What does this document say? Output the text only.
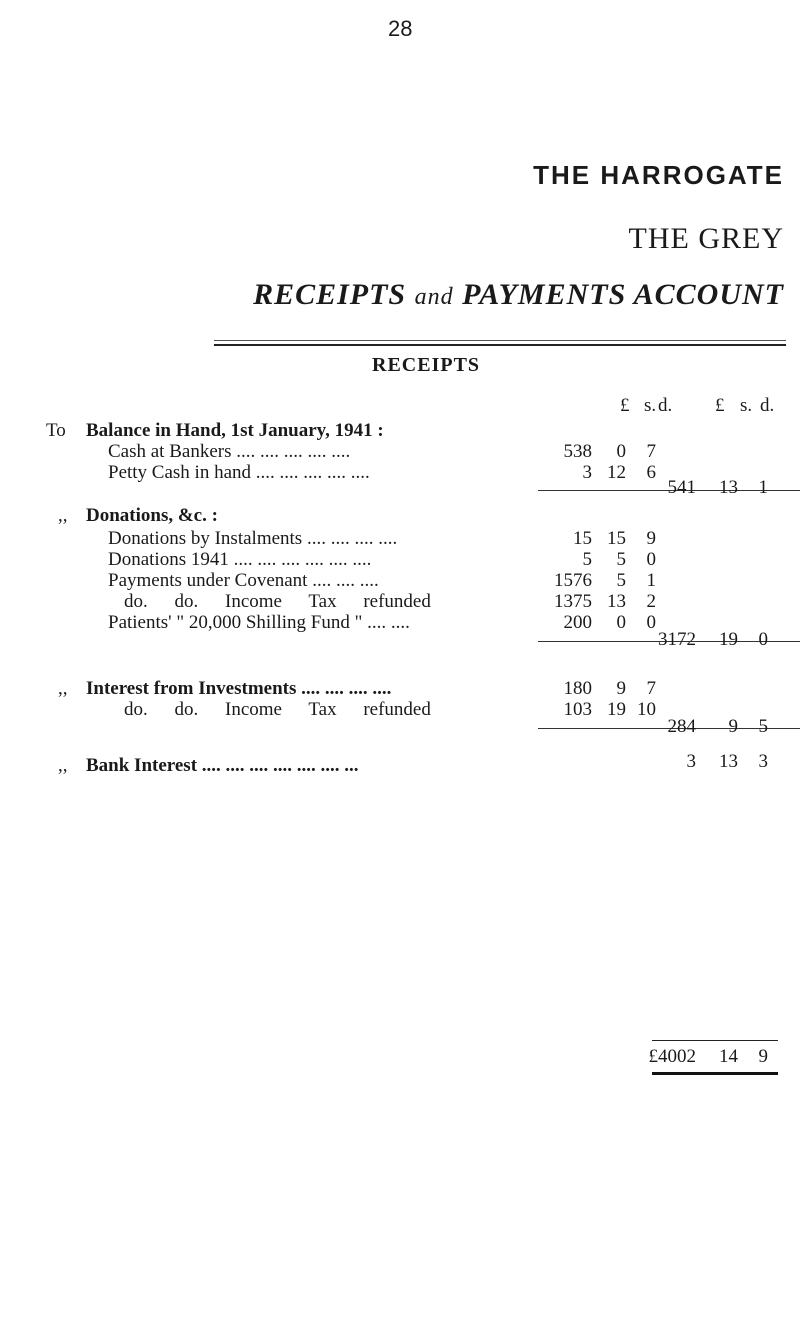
28
THE HARROGATE
THE GREY
RECEIPTS and PAYMENTS ACCOUNT
RECEIPTS
£ s. d. £ s. d.
To Balance in Hand, 1st January, 1941 :
Cash at Bankers .... .... .... .... ....	538	0	7
Petty Cash in hand .... .... .... .... ....	3 12	6
541	13	1
,, Donations, &c. :
Donations by Instalments .... .... .... ....	15 15	9
Donations 1941 .... .... .... .... .... ....	5	5	0
Payments under Covenant .... .... ....	1576	5	1
do. do. Income Tax refunded	1375 13	2
Patients' " 20,000 Shilling Fund " .... ....	200	0	0
3172	19	0
,, Interest from Investments .... .... .... ....	180	9	7
do. do. Income Tax refunded	103 19 10
284	9	5
,, Bank Interest .... .... .... .... .... .... ...	3	13	3
£4002	14	9
